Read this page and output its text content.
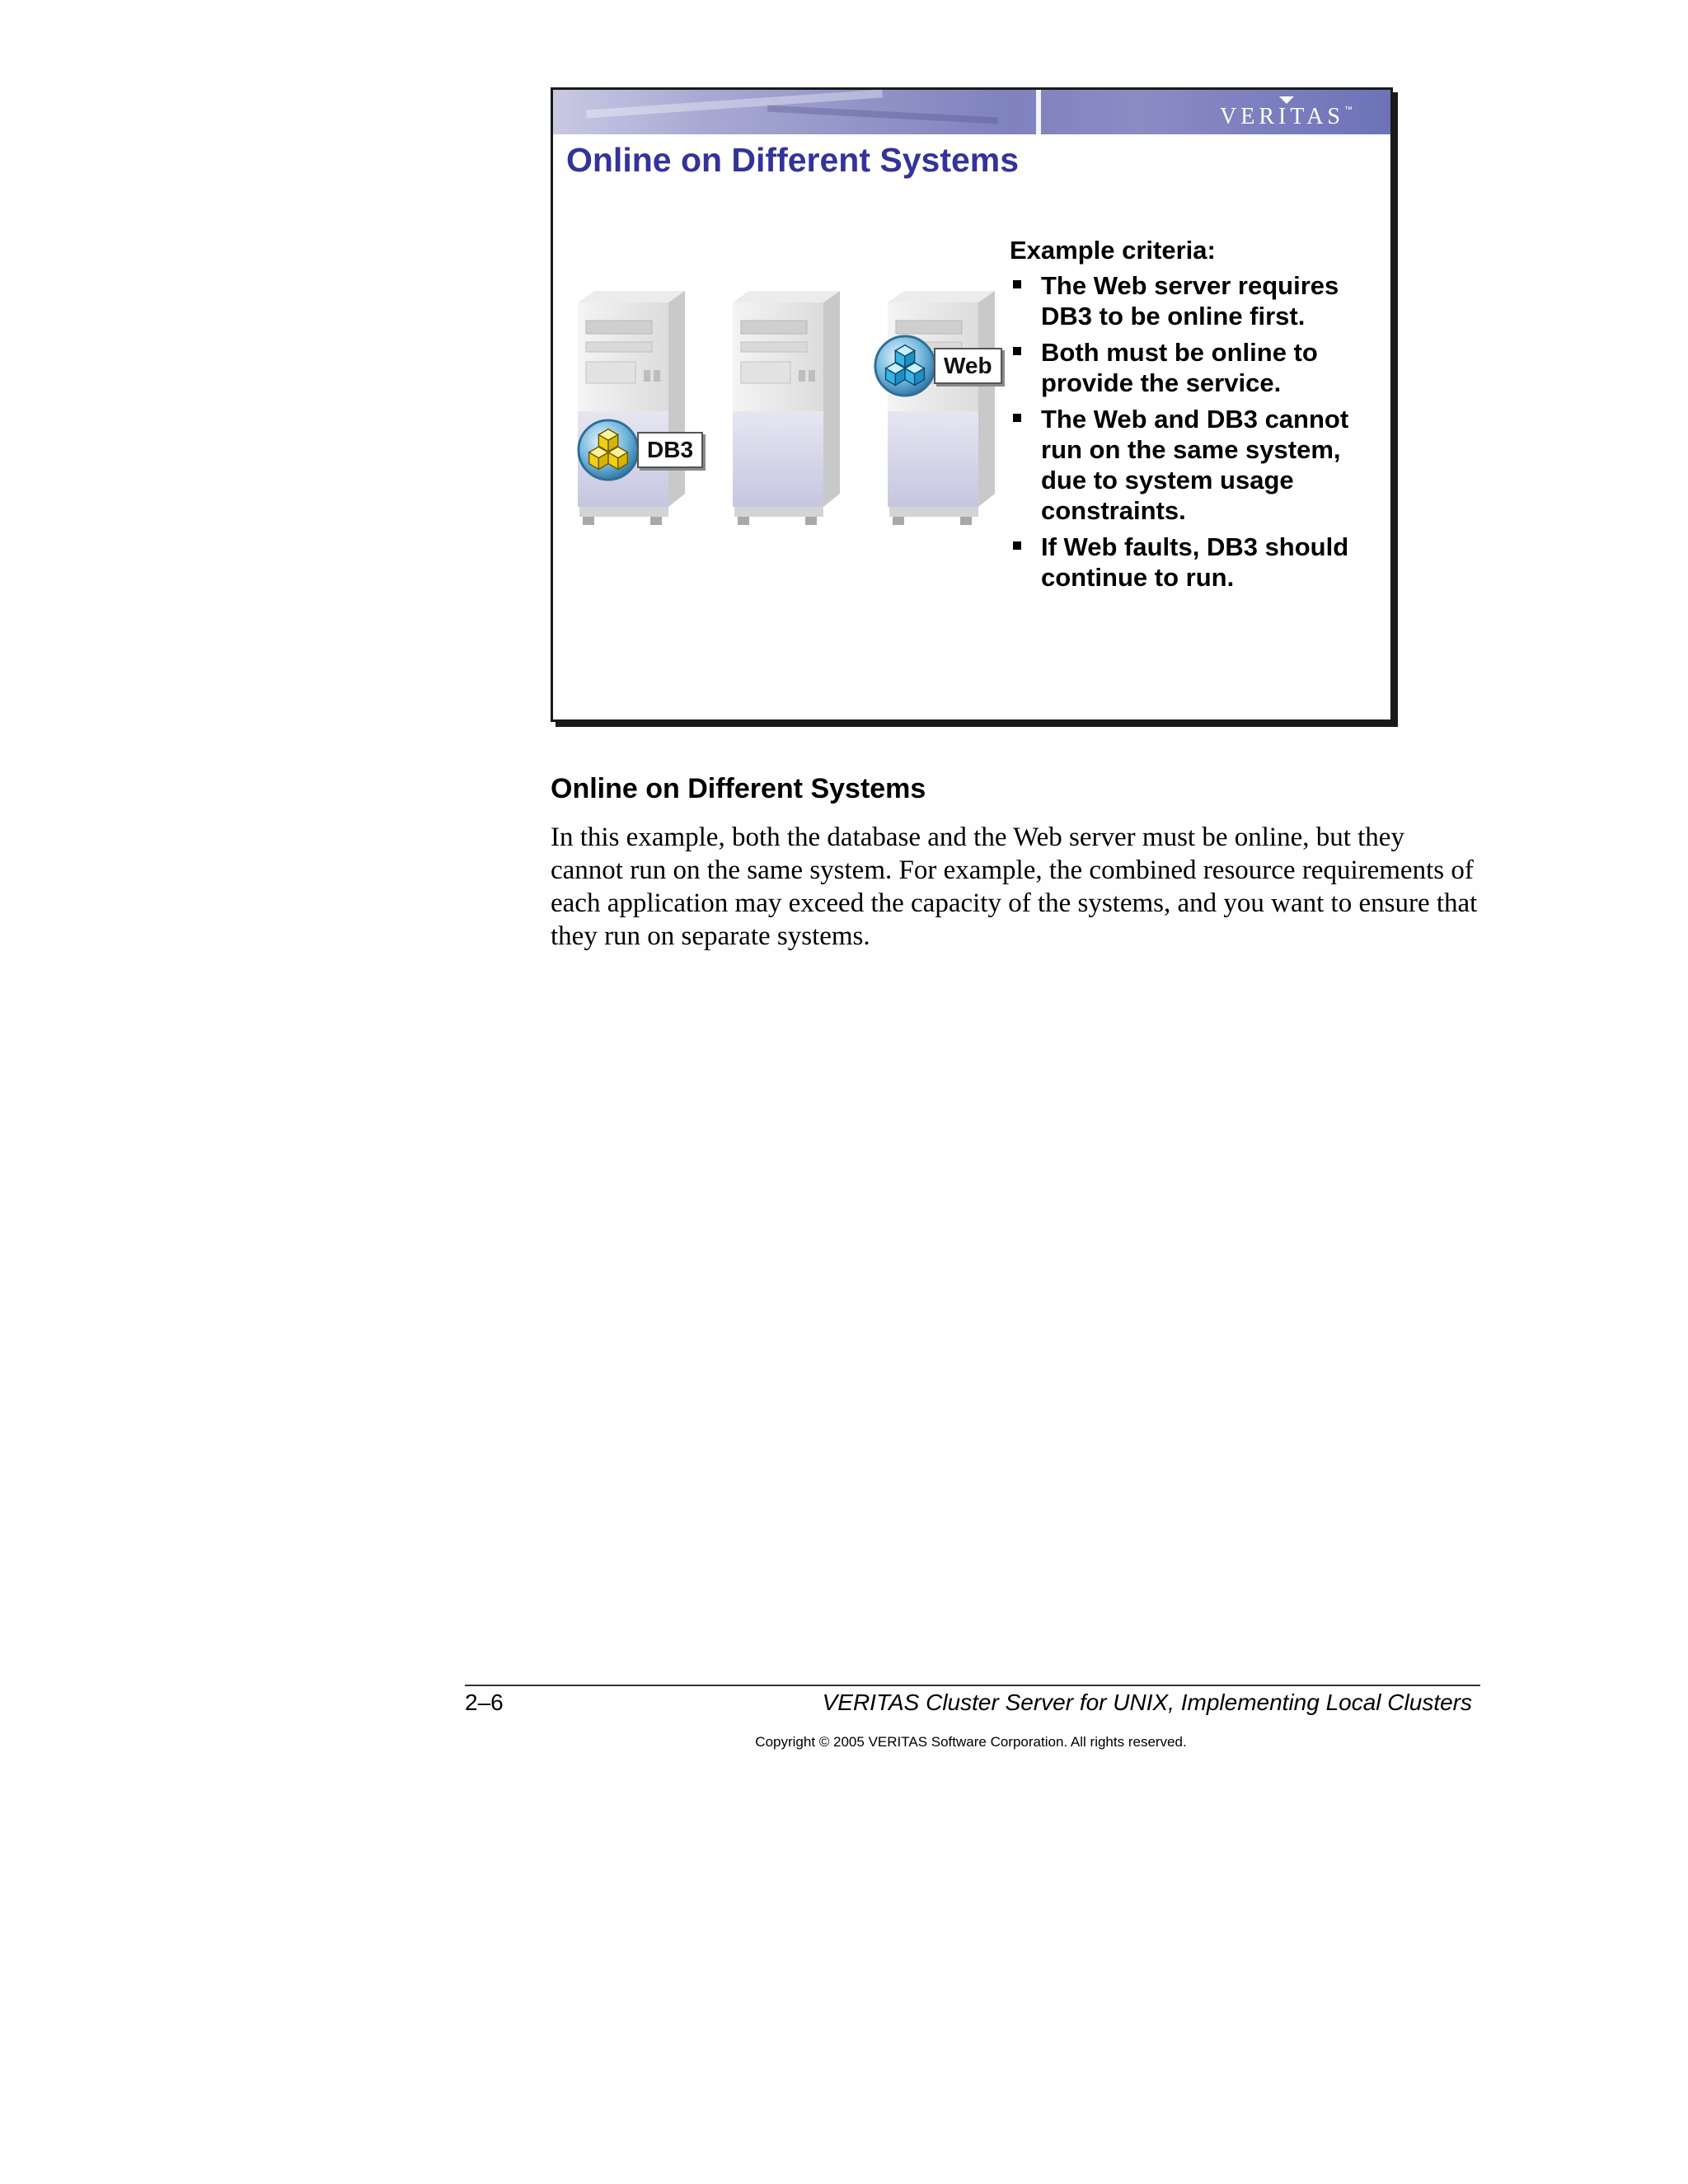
VERITAS™
Online on Different Systems
DB3
Web

Example criteria:

The Web server requires DB3 to be online first.
Both must be online to provide the service.
The Web and DB3 cannot run on the same system, due to system usage constraints.
If Web faults, DB3 should continue to run.
Online on Different Systems

In this example, both the database and the Web server must be online, but they cannot run on the same system. For example, the combined resource requirements of each application may exceed the capacity of the systems, and you want to ensure that they run on separate systems.

2–6	VERITAS Cluster Server for UNIX, Implementing Local Clusters
Copyright © 2005 VERITAS Software Corporation. All rights reserved.
